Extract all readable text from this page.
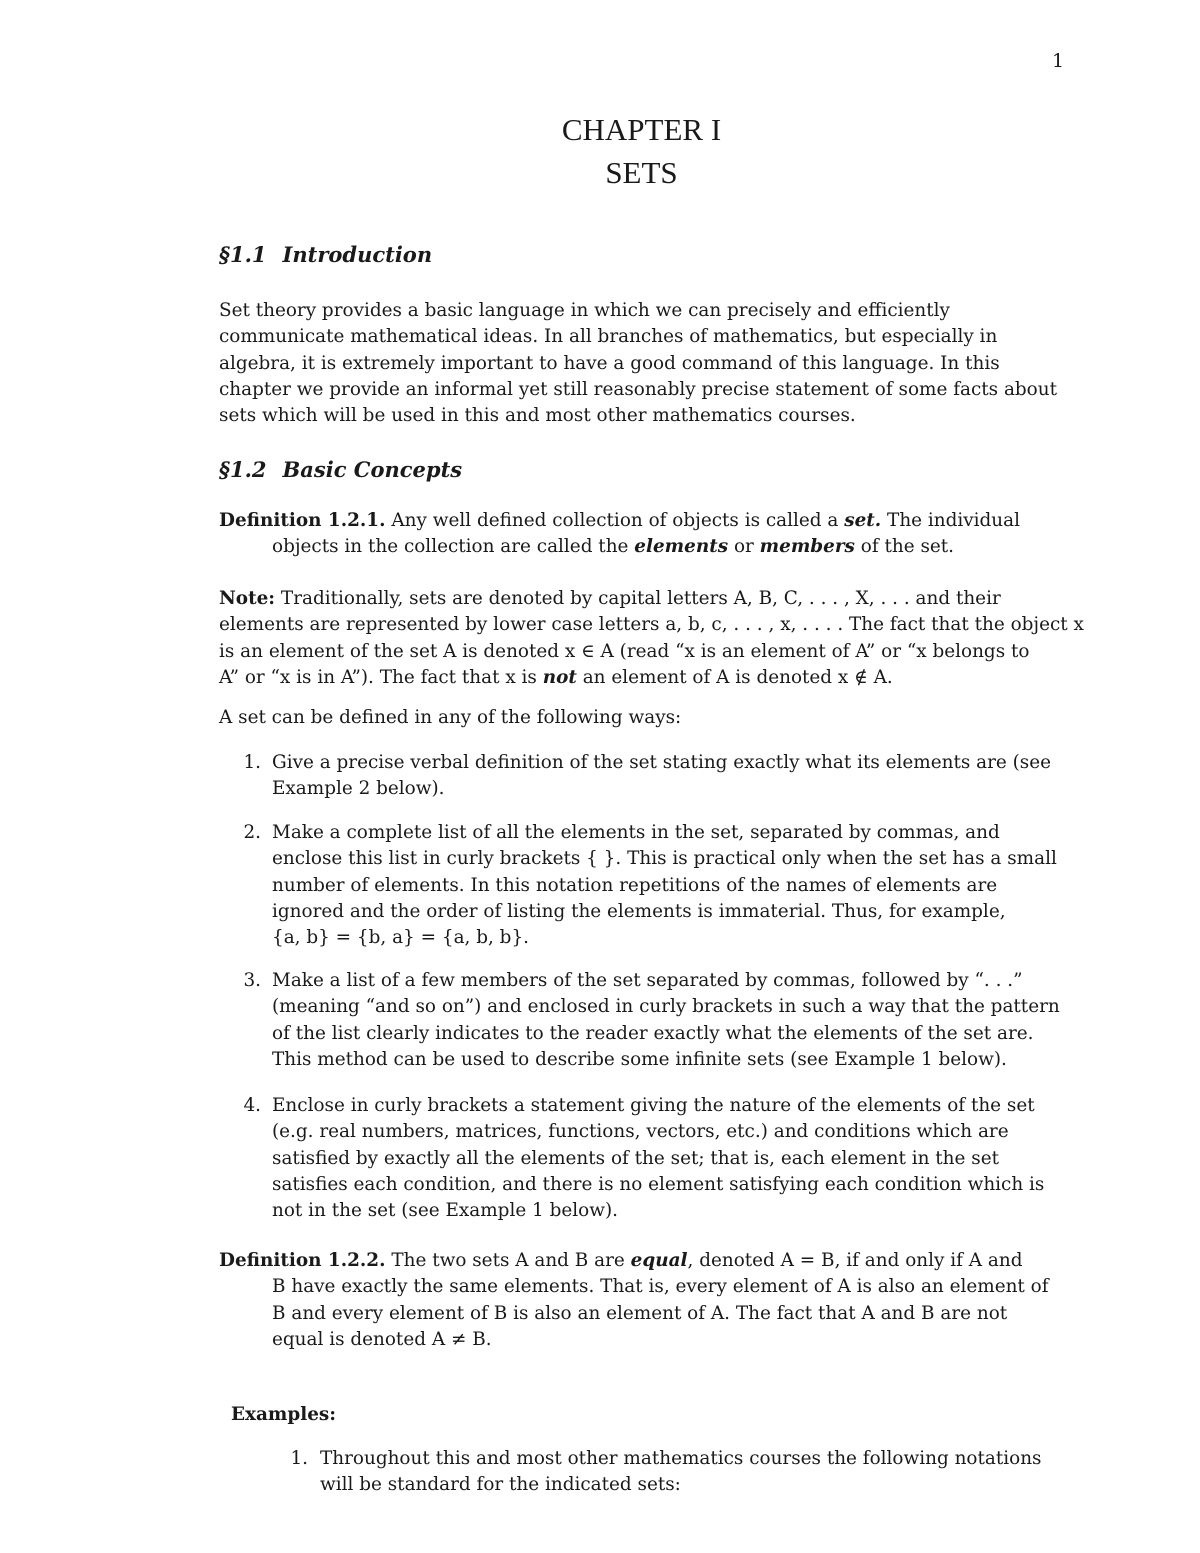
1
CHAPTER I
SETS
§1.1 Introduction
Set theory provides a basic language in which we can precisely and efficiently
communicate mathematical ideas. In all branches of mathematics, but especially in
algebra, it is extremely important to have a good command of this language. In this
chapter we provide an informal yet still reasonably precise statement of some facts about
sets which will be used in this and most other mathematics courses.
§1.2 Basic Concepts
Definition 1.2.1. Any well defined collection of objects is called a set. The individual
objects in the collection are called the elements or members of the set.
Note: Traditionally, sets are denoted by capital letters A, B, C, . . . , X, . . . and their
elements are represented by lower case letters a, b, c, . . . , x, . . . . The fact that the object x
is an element of the set A is denoted x ∈ A (read “x is an element of A” or “x belongs to
A” or “x is in A”). The fact that x is not an element of A is denoted x ∉ A.
A set can be defined in any of the following ways:
1. Give a precise verbal definition of the set stating exactly what its elements are (see
Example 2 below).
2. Make a complete list of all the elements in the set, separated by commas, and
enclose this list in curly brackets { }. This is practical only when the set has a small
number of elements. In this notation repetitions of the names of elements are
ignored and the order of listing the elements is immaterial. Thus, for example,
{a, b} = {b, a} = {a, b, b}.
3. Make a list of a few members of the set separated by commas, followed by “. . .”
(meaning “and so on”) and enclosed in curly brackets in such a way that the pattern
of the list clearly indicates to the reader exactly what the elements of the set are.
This method can be used to describe some infinite sets (see Example 1 below).
4. Enclose in curly brackets a statement giving the nature of the elements of the set
(e.g. real numbers, matrices, functions, vectors, etc.) and conditions which are
satisfied by exactly all the elements of the set; that is, each element in the set
satisfies each condition, and there is no element satisfying each condition which is
not in the set (see Example 1 below).
Definition 1.2.2. The two sets A and B are equal, denoted A = B, if and only if A and
B have exactly the same elements. That is, every element of A is also an element of
B and every element of B is also an element of A. The fact that A and B are not
equal is denoted A ≠ B.
Examples:
1. Throughout this and most other mathematics courses the following notations
will be standard for the indicated sets:
